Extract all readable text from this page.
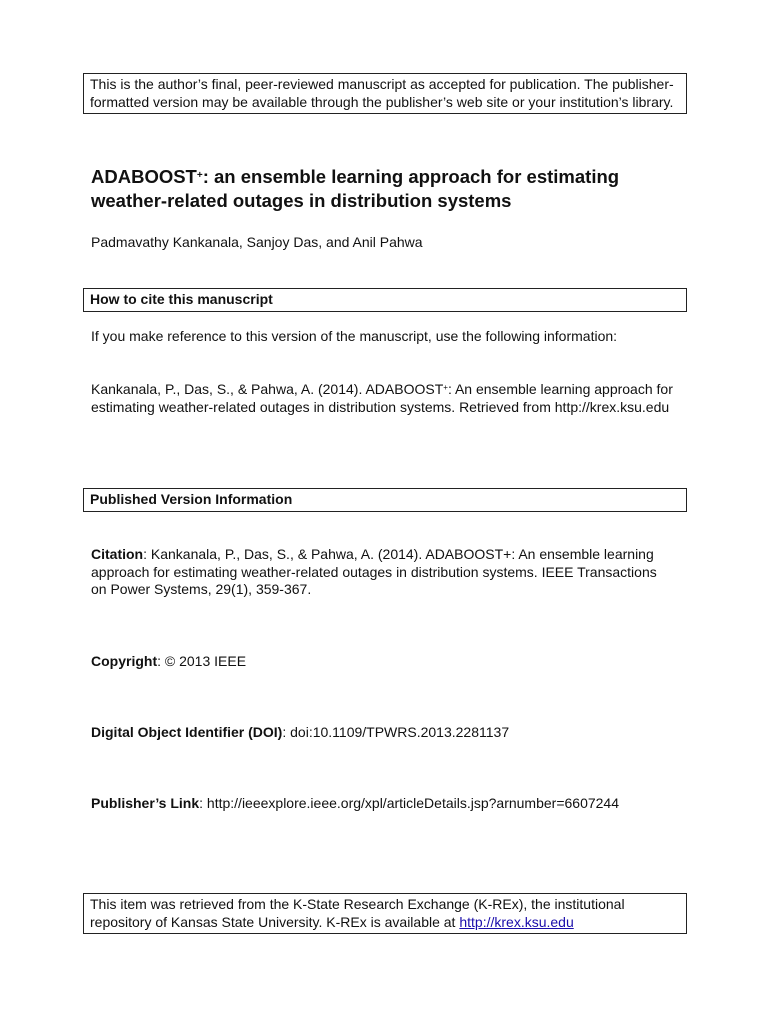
This is the author’s final, peer-reviewed manuscript as accepted for publication. The publisher-formatted version may be available through the publisher’s web site or your institution’s library.
ADABOOST+: an ensemble learning approach for estimating weather-related outages in distribution systems

Padmavathy Kankanala, Sanjoy Das, and Anil Pahwa

How to cite this manuscript

If you make reference to this version of the manuscript, use the following information:

Kankanala, P., Das, S., & Pahwa, A. (2014). ADABOOST+: An ensemble learning approach for estimating weather-related outages in distribution systems. Retrieved from http://krex.ksu.edu

Published Version Information

Citation: Kankanala, P., Das, S., & Pahwa, A. (2014). ADABOOST+: An ensemble learning approach for estimating weather-related outages in distribution systems. IEEE Transactions on Power Systems, 29(1), 359-367.

Copyright: © 2013 IEEE

Digital Object Identifier (DOI): doi:10.1109/TPWRS.2013.2281137

Publisher’s Link: http://ieeexplore.ieee.org/xpl/articleDetails.jsp?arnumber=6607244

This item was retrieved from the K-State Research Exchange (K-REx), the institutional repository of Kansas State University. K-REx is available at http://krex.ksu.edu
